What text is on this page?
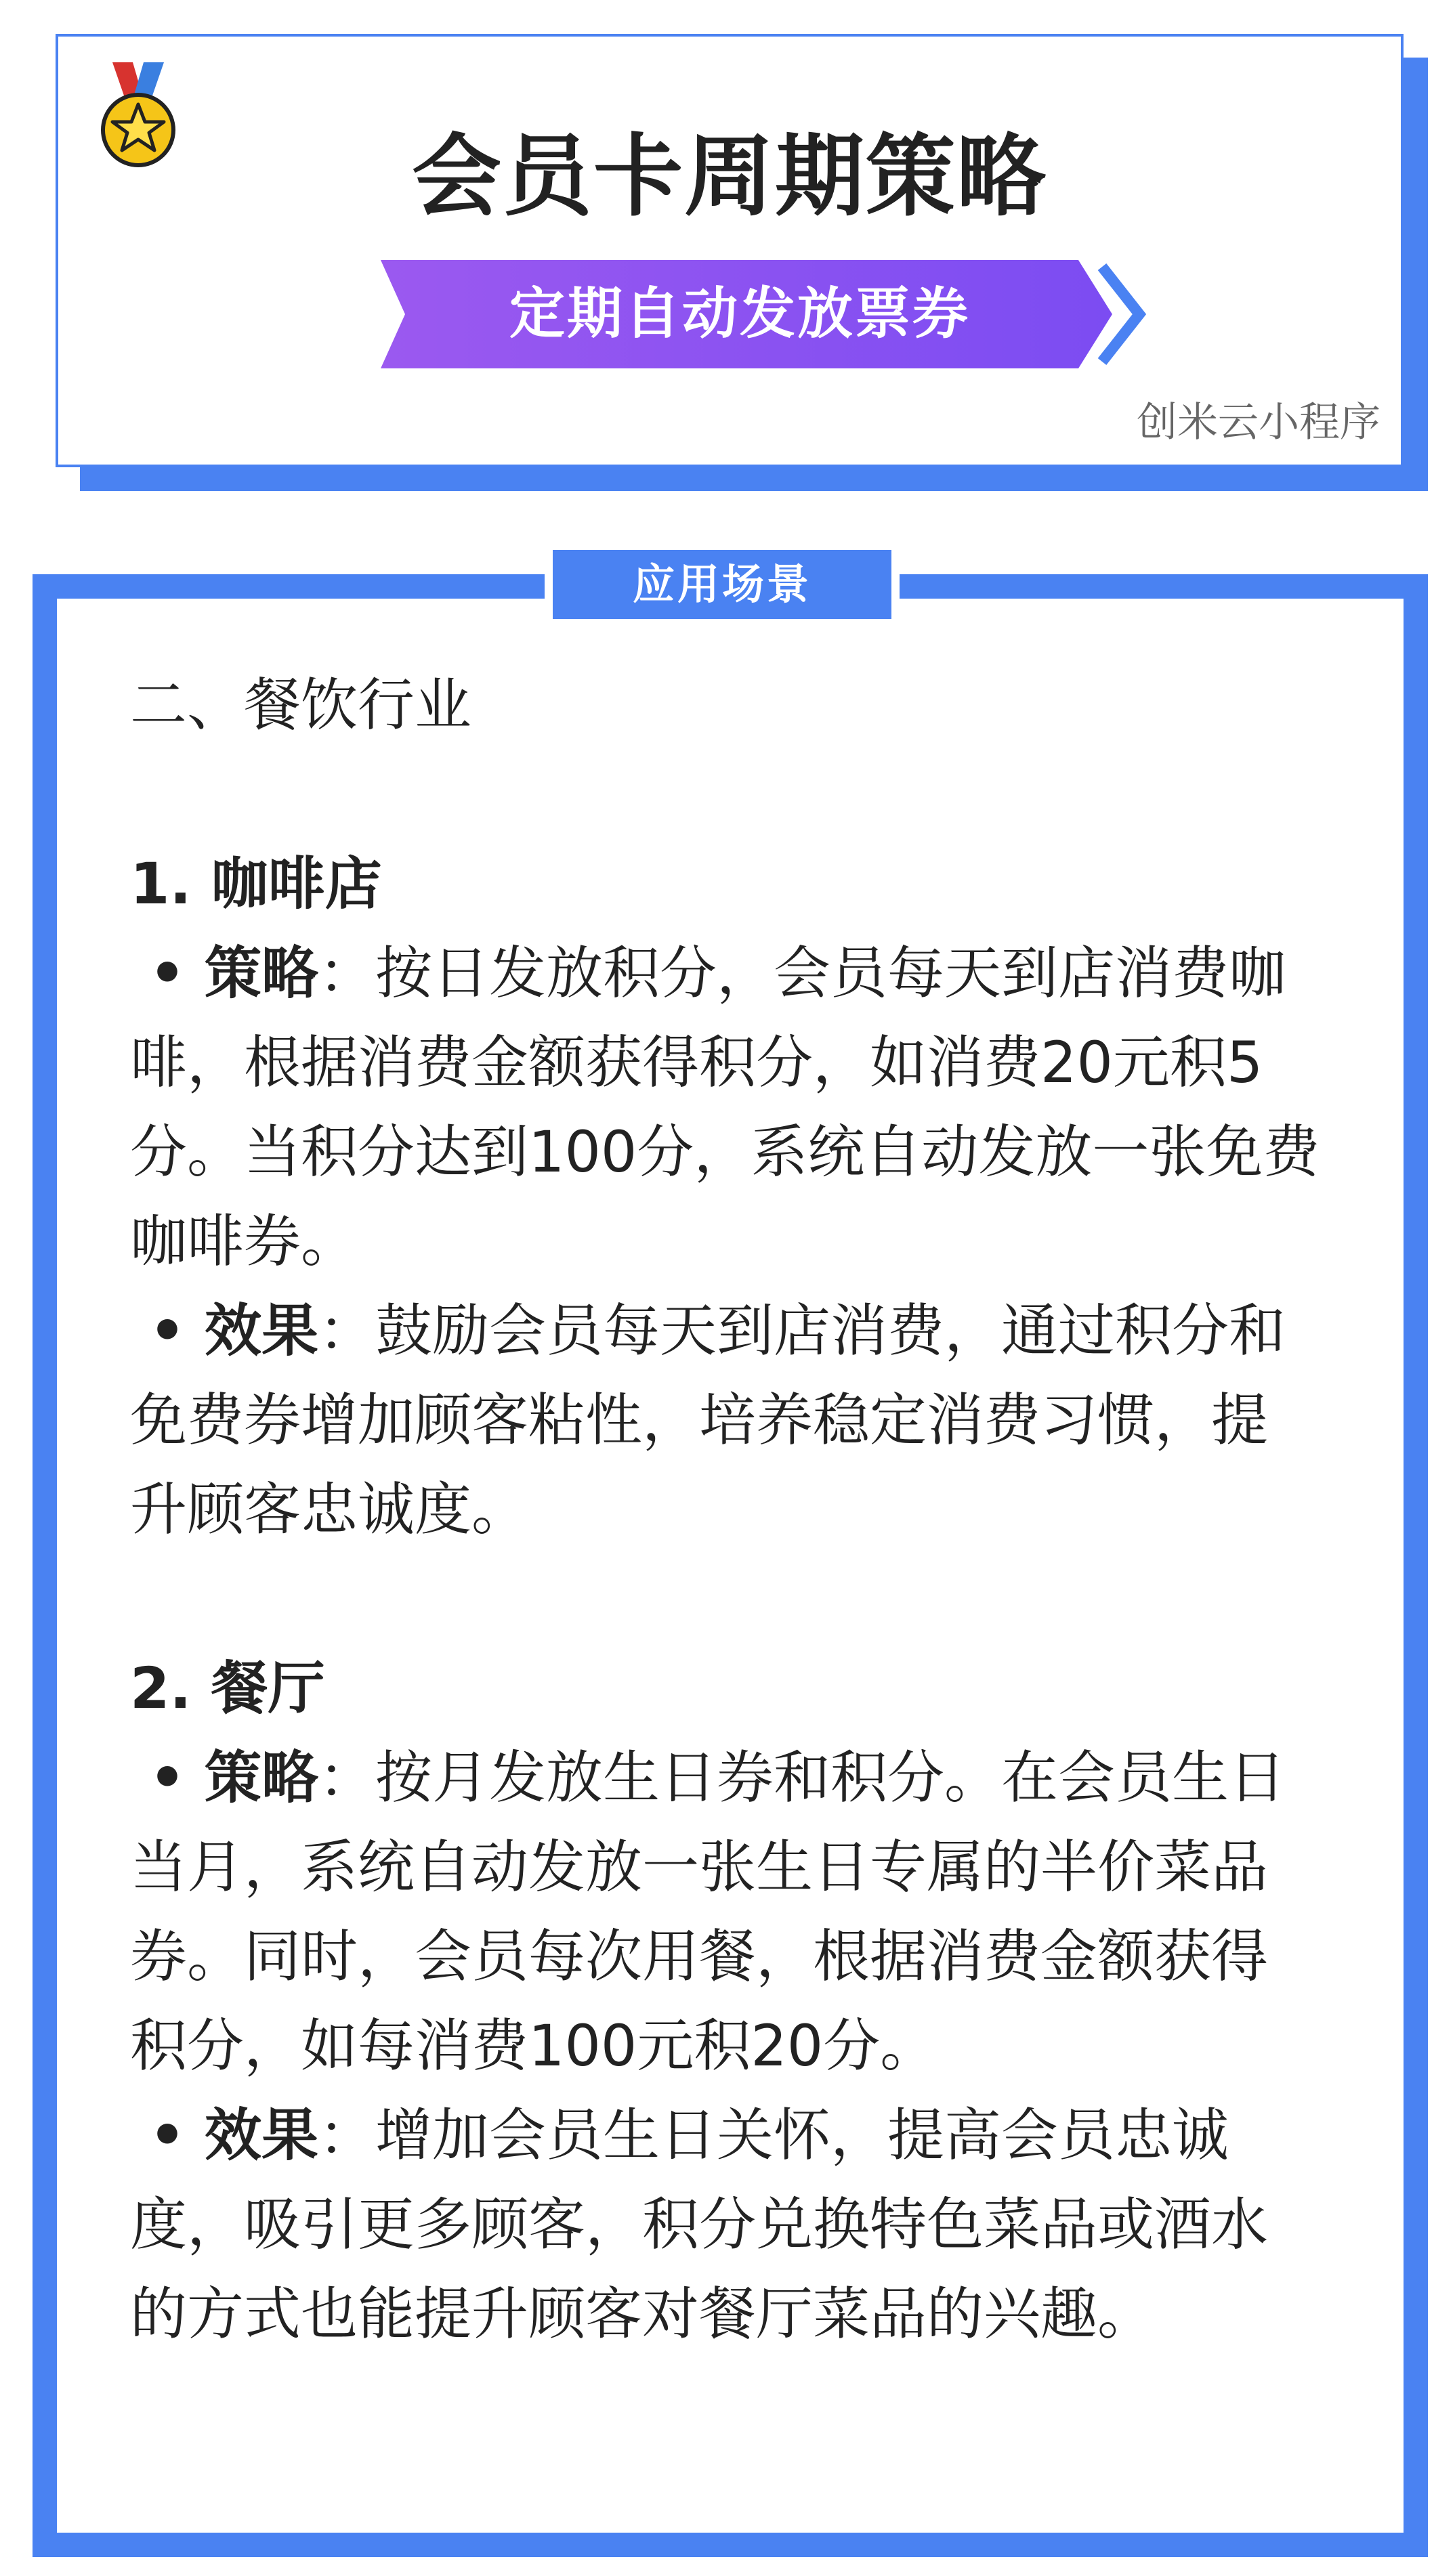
会员卡周期策略
定期自动发放票券
创米云小程序
应用场景

二、餐饮行业

1. 咖啡店

• 策略：按日发放积分，会员每天到店消费咖啡，根据消费金额获得积分，如消费20元积5分。当积分达到100分，系统自动发放一张免费咖啡券。

• 效果：鼓励会员每天到店消费，通过积分和免费券增加顾客粘性，培养稳定消费习惯，提升顾客忠诚度。

2. 餐厅

• 策略：按月发放生日券和积分。在会员生日当月，系统自动发放一张生日专属的半价菜品券。同时，会员每次用餐，根据消费金额获得积分，如每消费100元积20分。

• 效果：增加会员生日关怀，提高会员忠诚度，吸引更多顾客，积分兑换特色菜品或酒水的方式也能提升顾客对餐厅菜品的兴趣。
